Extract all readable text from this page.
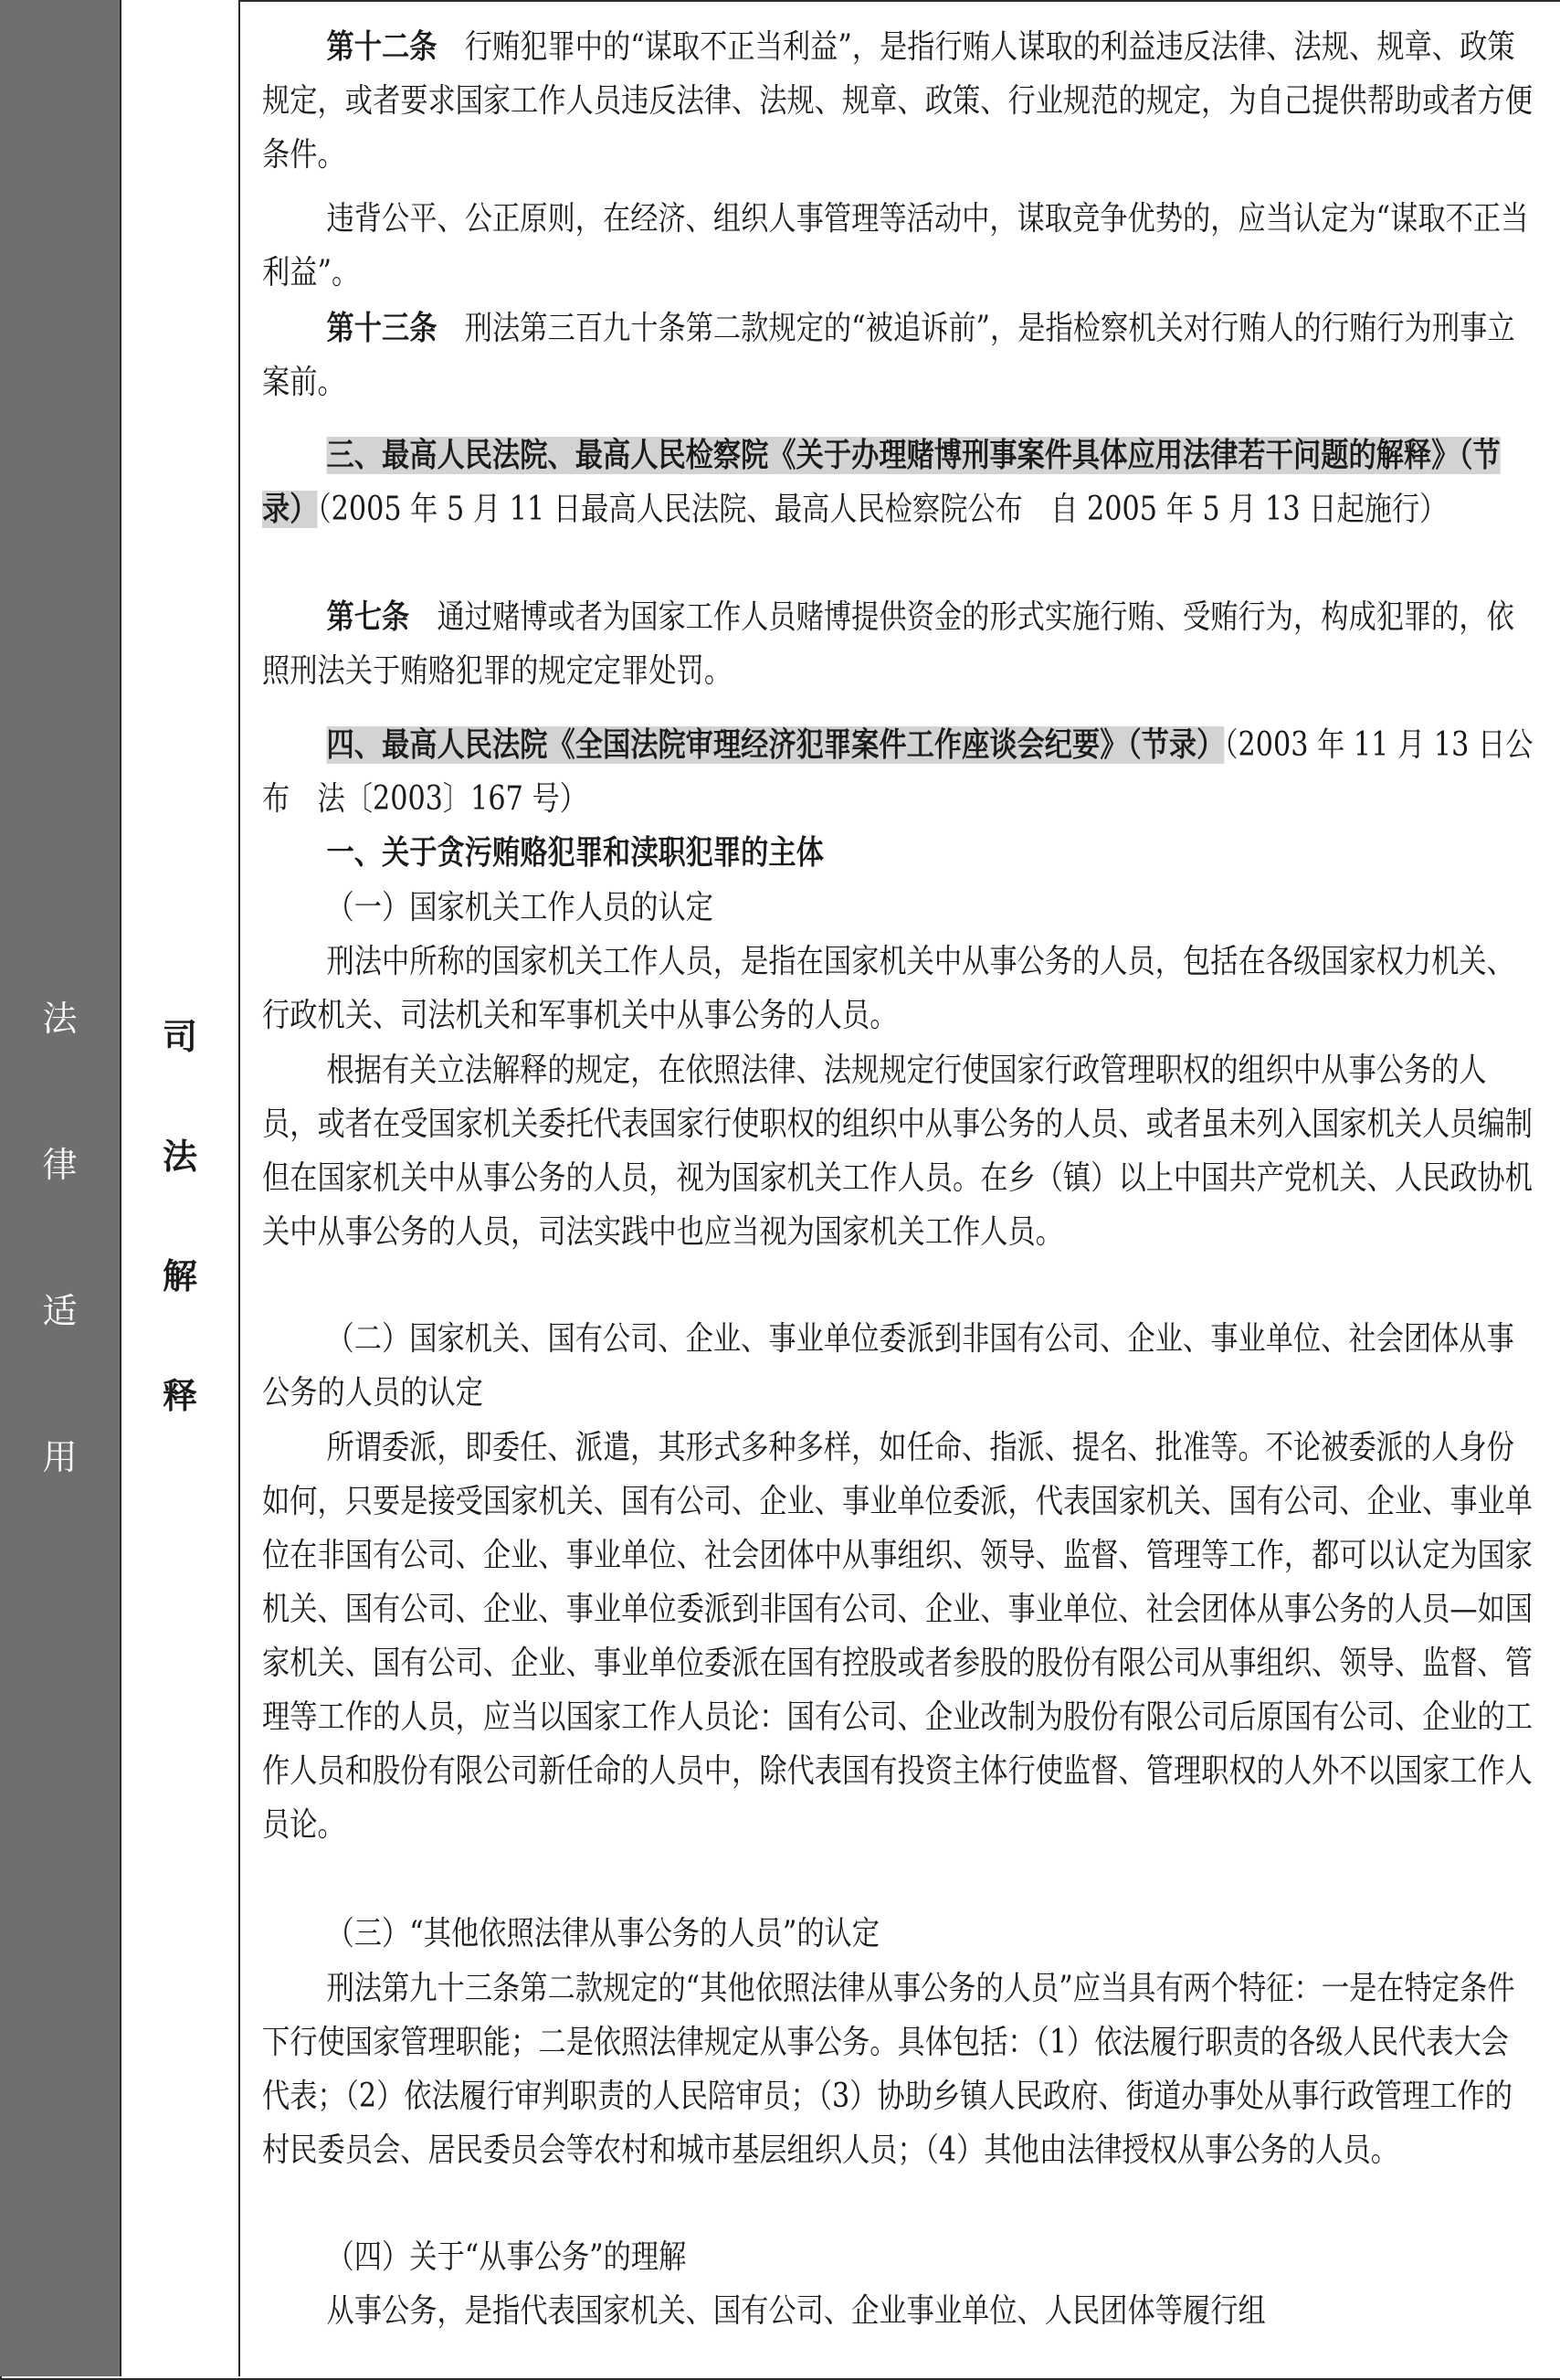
法
律
适
用
司
法
解
释

第十二条　行贿犯罪中的“谋取不正当利益”，是指行贿人谋取的利益违反法律、法规、规章、政策规定，或者要求国家工作人员违反法律、法规、规章、政策、行业规范的规定，为自己提供帮助或者方便条件。

违背公平、公正原则，在经济、组织人事管理等活动中，谋取竞争优势的，应当认定为“谋取不正当利益”。

第十三条　刑法第三百九十条第二款规定的“被追诉前”，是指检察机关对行贿人的行贿行为刑事立案前。

三、最高人民法院、最高人民检察院《关于办理赌博刑事案件具体应用法律若干问题的解释》（节录）（2005 年 5 月 11 日最高人民法院、最高人民检察院公布　自 2005 年 5 月 13 日起施行）

第七条　通过赌博或者为国家工作人员赌博提供资金的形式实施行贿、受贿行为，构成犯罪的，依照刑法关于贿赂犯罪的规定定罪处罚。

四、最高人民法院《全国法院审理经济犯罪案件工作座谈会纪要》（节录）（2003 年 11 月 13 日公布　法〔2003〕167 号）

一、关于贪污贿赂犯罪和渎职犯罪的主体

（一）国家机关工作人员的认定

刑法中所称的国家机关工作人员，是指在国家机关中从事公务的人员，包括在各级国家权力机关、行政机关、司法机关和军事机关中从事公务的人员。

根据有关立法解释的规定，在依照法律、法规规定行使国家行政管理职权的组织中从事公务的人员，或者在受国家机关委托代表国家行使职权的组织中从事公务的人员、或者虽未列入国家机关人员编制但在国家机关中从事公务的人员，视为国家机关工作人员。在乡（镇）以上中国共产党机关、人民政协机关中从事公务的人员，司法实践中也应当视为国家机关工作人员。

（二）国家机关、国有公司、企业、事业单位委派到非国有公司、企业、事业单位、社会团体从事公务的人员的认定

所谓委派，即委任、派遣，其形式多种多样，如任命、指派、提名、批准等。不论被委派的人身份如何，只要是接受国家机关、国有公司、企业、事业单位委派，代表国家机关、国有公司、企业、事业单位在非国有公司、企业、事业单位、社会团体中从事组织、领导、监督、管理等工作，都可以认定为国家机关、国有公司、企业、事业单位委派到非国有公司、企业、事业单位、社会团体从事公务的人员—如国家机关、国有公司、企业、事业单位委派在国有控股或者参股的股份有限公司从事组织、领导、监督、管理等工作的人员，应当以国家工作人员论：国有公司、企业改制为股份有限公司后原国有公司、企业的工作人员和股份有限公司新任命的人员中，除代表国有投资主体行使监督、管理职权的人外不以国家工作人员论。

（三）“其他依照法律从事公务的人员”的认定

刑法第九十三条第二款规定的“其他依照法律从事公务的人员”应当具有两个特征：一是在特定条件下行使国家管理职能；二是依照法律规定从事公务。具体包括：（1）依法履行职责的各级人民代表大会代表；（2）依法履行审判职责的人民陪审员；（3）协助乡镇人民政府、街道办事处从事行政管理工作的村民委员会、居民委员会等农村和城市基层组织人员；（4）其他由法律授权从事公务的人员。

（四）关于“从事公务”的理解

从事公务，是指代表国家机关、国有公司、企业事业单位、人民团体等履行组
